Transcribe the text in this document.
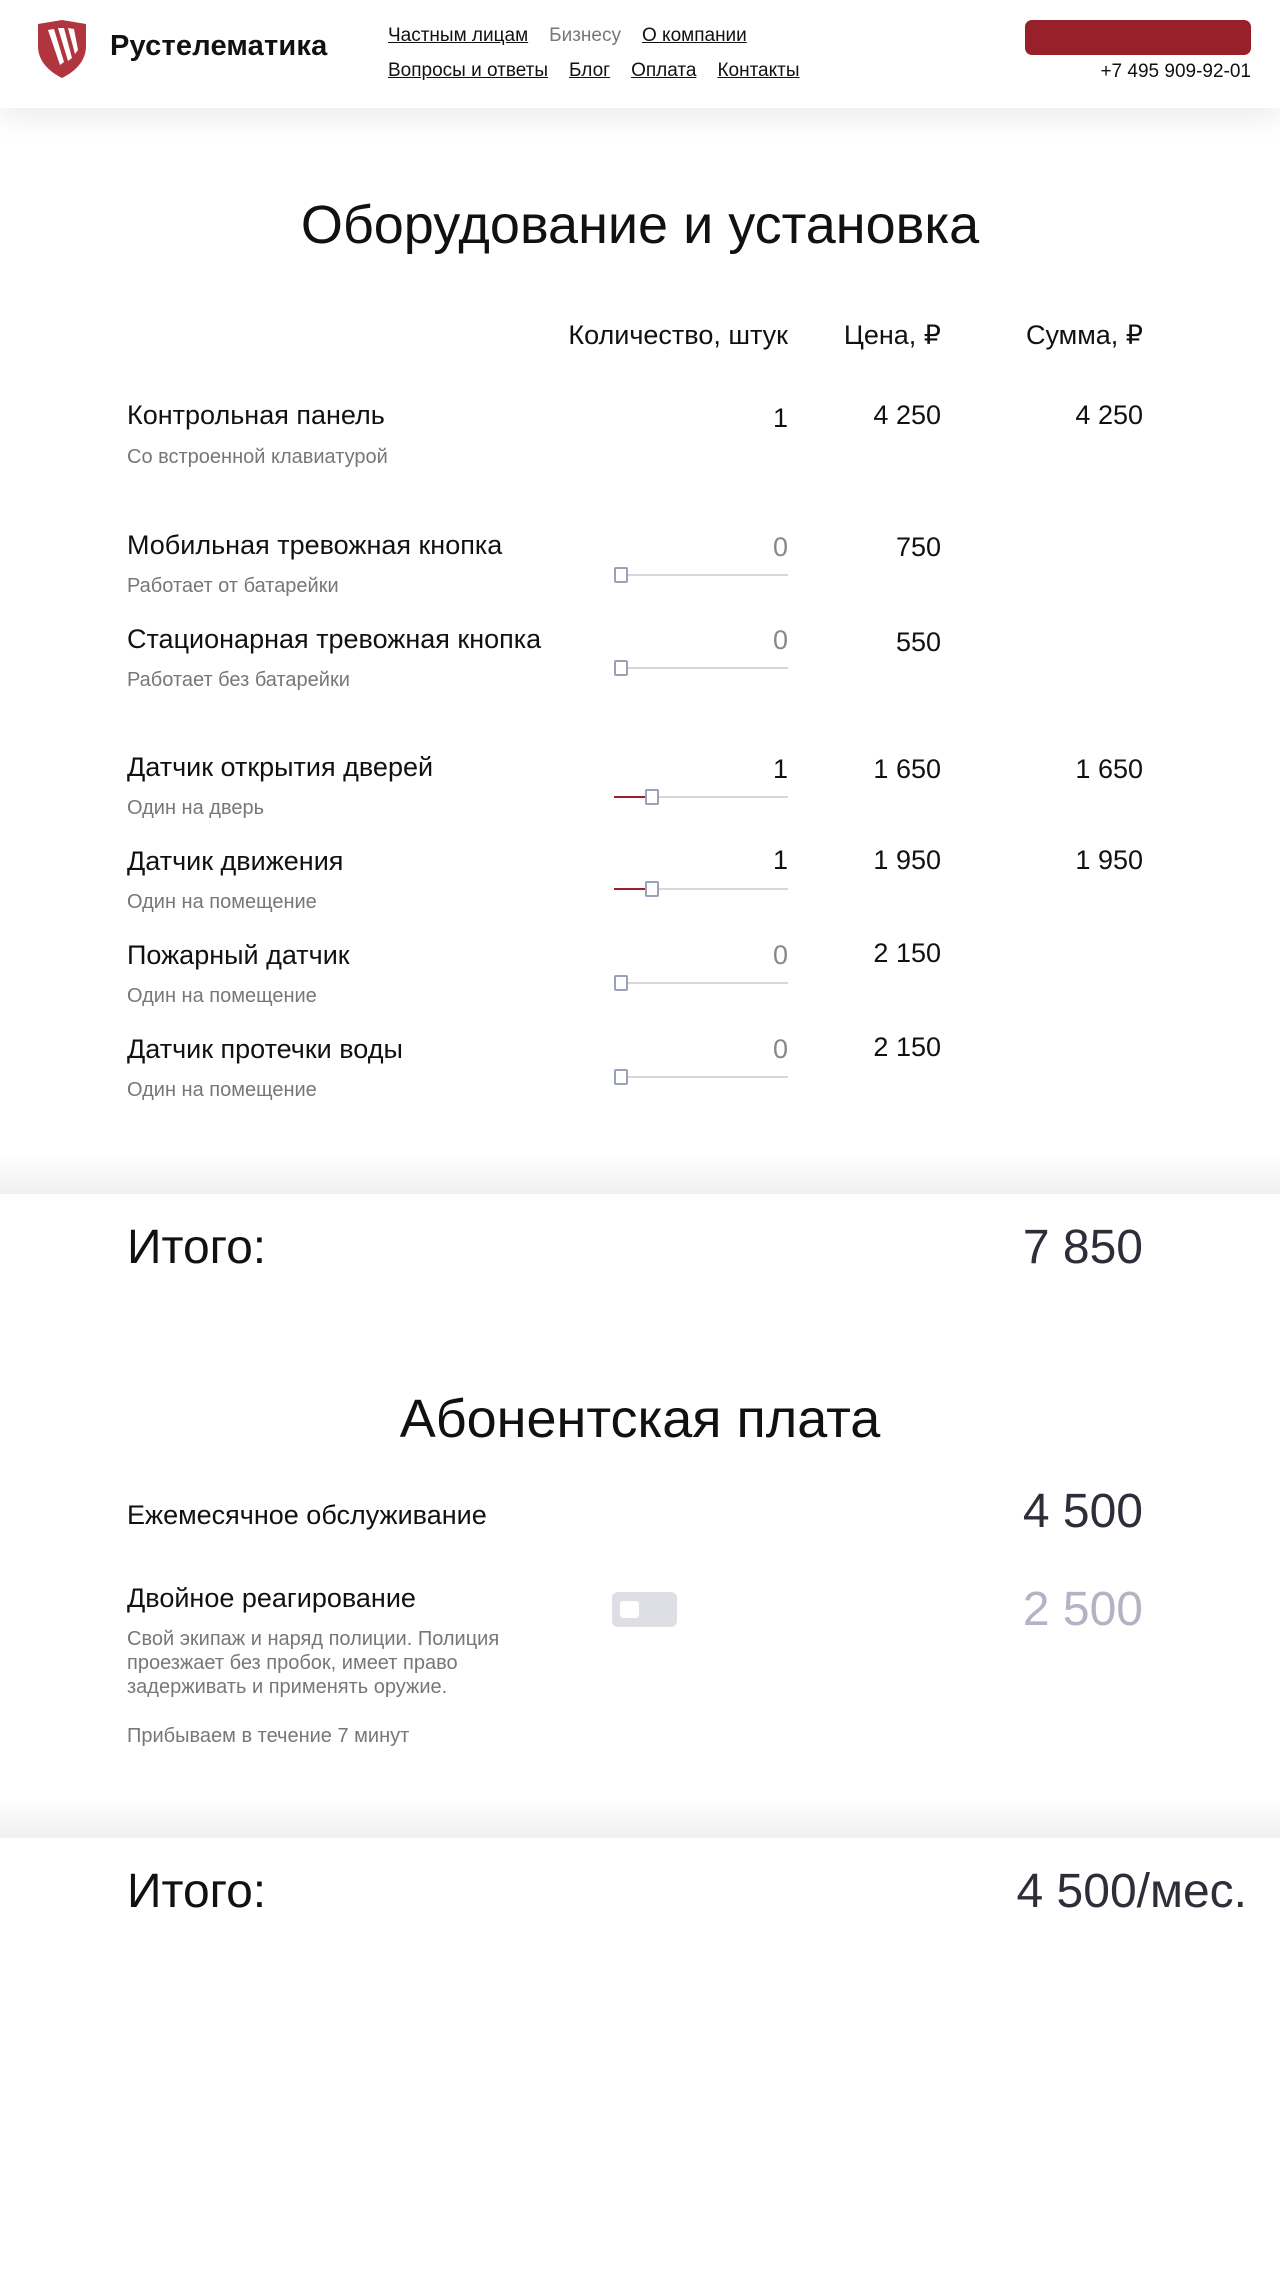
Рустелематика	Частным лицам Бизнесу О компании
Вопросы и ответы Блог Оплата Контакты	+7 495 909-92-01
Оборудование и установка
Количество, штук Цена, ₽	Сумма, ₽
Контрольная панель
Со встроенной клавиатурой
1	4 250	4 250
Мобильная тревожная кнопка
Работает от батарейки
0	750
Стационарная тревожная кнопка
Работает без батарейки
0	550
Датчик открытия дверей
Один на дверь
1	1 650	1 650
Датчик движения
Один на помещение
1	1 950	1 950
Пожарный датчик
Один на помещение
0	2 150
Датчик протечки воды
Один на помещение
0	2 150
Итого:	7 850
Абонентская плата
Ежемесячное обслуживание	4 500
Двойное реагирование	2 500
Свой экипаж и наряд полиции. Полиция проезжает без пробок, имеет право задерживать и применять оружие.
Прибываем в течение 7 минут
Итого:	4 500/мес.
